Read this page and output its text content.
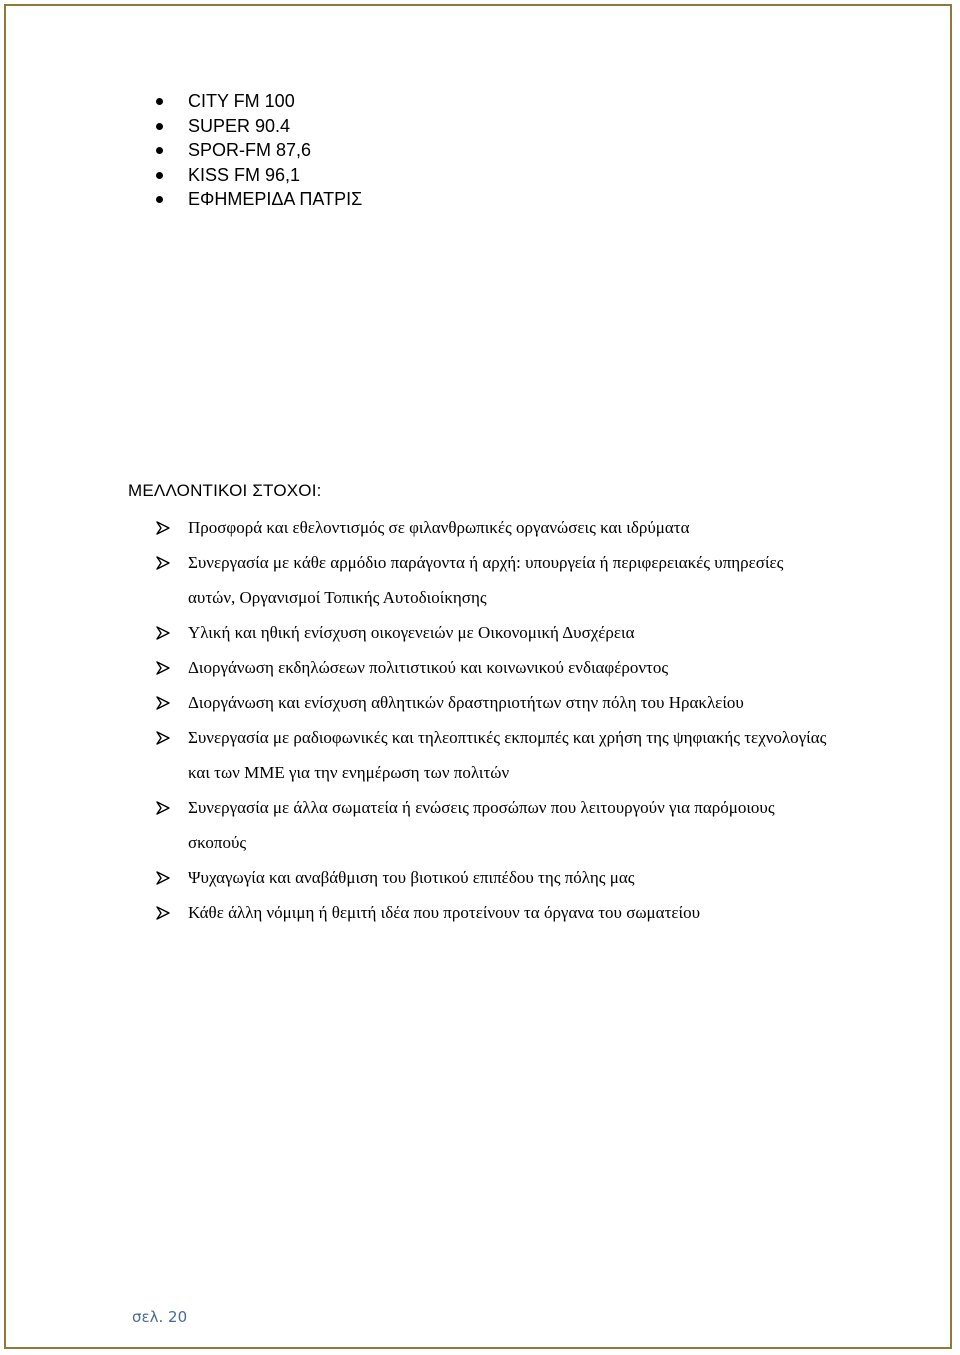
CITY FM 100
SUPER 90.4
SPOR-FM 87,6
KISS FM 96,1
ΕΦΗΜΕΡΙΔΑ ΠΑΤΡΙΣ
ΜΕΛΛΟΝΤΙΚΟΙ ΣΤΟΧΟΙ:
Προσφορά και εθελοντισμός σε φιλανθρωπικές οργανώσεις και ιδρύματα
Συνεργασία με κάθε αρμόδιο παράγοντα ή αρχή: υπουργεία ή περιφερειακές υπηρεσίες αυτών, Οργανισμοί Τοπικής Αυτοδιοίκησης
Υλική και ηθική ενίσχυση οικογενειών με Οικονομική Δυσχέρεια
Διοργάνωση εκδηλώσεων πολιτιστικού και κοινωνικού ενδιαφέροντος
Διοργάνωση και ενίσχυση αθλητικών δραστηριοτήτων στην πόλη του Ηρακλείου
Συνεργασία με ραδιοφωνικές και τηλεοπτικές εκπομπές και χρήση της ψηφιακής τεχνολογίας και των ΜΜΕ για την ενημέρωση των πολιτών
Συνεργασία με άλλα σωματεία ή ενώσεις προσώπων που λειτουργούν για παρόμοιους σκοπούς
Ψυχαγωγία και αναβάθμιση του βιοτικού επιπέδου της πόλης μας
Κάθε άλλη νόμιμη ή θεμιτή ιδέα που προτείνουν τα όργανα του σωματείου
σελ. 20
